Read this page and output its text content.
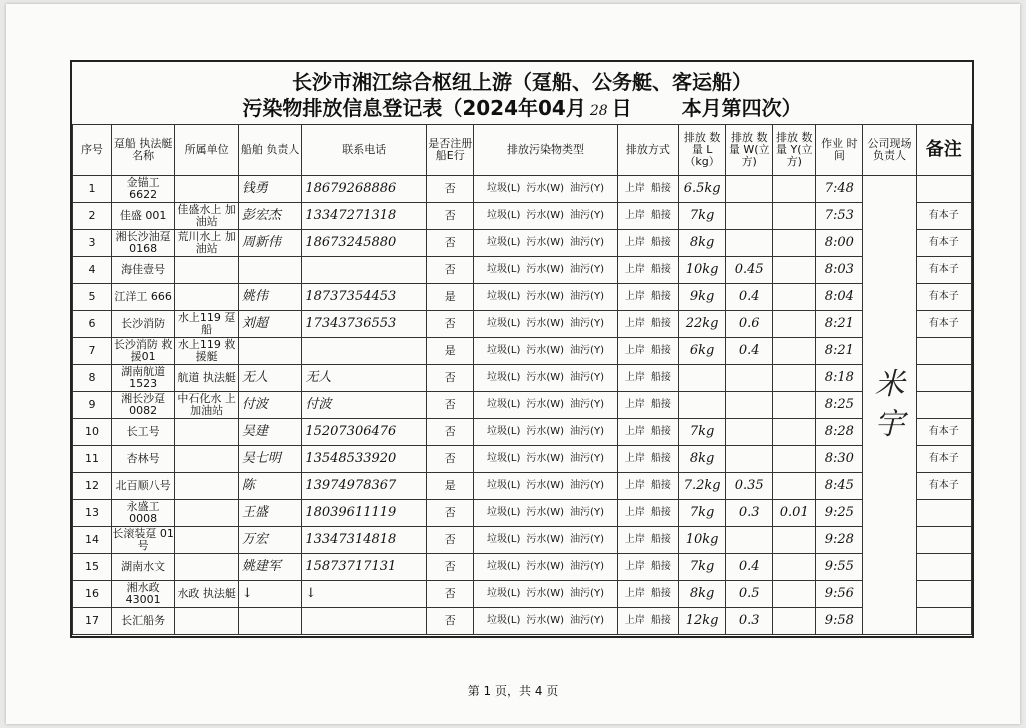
长沙市湘江综合枢纽上游（趸船、公务艇、客运船）
污染物排放信息登记表（2024年04月 28 日	本月第四次）
序号	趸船 执法艇名称	所属单位	船舶 负责人	联系电话	是否注册船E行	排放污染物类型	排放方式	排放 数量 L（kg）	排放 数量 W(立方)	排放 数量 Y(立方)	作业 时间	公司现场负责人	备注
1	金锚工 6622		钱勇	18679268886	否	垃圾(L) 污水(W) 油污(Y)	上岸 船接	6.5kg			7:48	米宇	
2	佳盛 001	佳盛水上 加油站	彭宏杰	13347271318	否	垃圾(L) 污水(W) 油污(Y)	上岸 船接	7kg			7:53		有本子
3	湘长沙油趸 0168	荒川水上 加油站	周新伟	18673245880	否	垃圾(L) 污水(W) 油污(Y)	上岸 船接	8kg			8:00		有本子
4	海佳壹号				否	垃圾(L) 污水(W) 油污(Y)	上岸 船接	10kg	0.45		8:03		有本子
5	江洋工 666		姚伟	18737354453	是	垃圾(L) 污水(W) 油污(Y)	上岸 船接	9kg	0.4		8:04		有本子
6	长沙消防	水上119 趸船	刘超	17343736553	否	垃圾(L) 污水(W) 油污(Y)	上岸 船接	22kg	0.6		8:21		有本子
7	长沙消防 救援01	水上119 救援艇			是	垃圾(L) 污水(W) 油污(Y)	上岸 船接	6kg	0.4		8:21		
8	湖南航道 1523	航道 执法艇	无人	无人	否	垃圾(L) 污水(W) 油污(Y)	上岸 船接				8:18		
9	湘长沙趸 0082	中石化水 上加油站	付波	付波	否	垃圾(L) 污水(W) 油污(Y)	上岸 船接				8:25		
10	长工号		吴建	15207306476	否	垃圾(L) 污水(W) 油污(Y)	上岸 船接	7kg			8:28		有本子
11	杏林号		吴七明	13548533920	否	垃圾(L) 污水(W) 油污(Y)	上岸 船接	8kg			8:30		有本子
12	北百顺八号		陈	13974978367	是	垃圾(L) 污水(W) 油污(Y)	上岸 船接	7.2kg	0.35		8:45		有本子
13	永盛工 0008		王盛	18039611119	否	垃圾(L) 污水(W) 油污(Y)	上岸 船接	7kg	0.3	0.01	9:25		
14	长滚装趸 01号		万宏	13347314818	否	垃圾(L) 污水(W) 油污(Y)	上岸 船接	10kg			9:28		
15	湖南水文		姚建军	15873717131	否	垃圾(L) 污水(W) 油污(Y)	上岸 船接	7kg	0.4		9:55		
16	湘水政 43001	水政 执法艇	↓	↓	否	垃圾(L) 污水(W) 油污(Y)	上岸 船接	8kg	0.5		9:56		
17	长汇船务				否	垃圾(L) 污水(W) 油污(Y)	上岸 船接	12kg	0.3		9:58		
第 1 页，共 4 页
